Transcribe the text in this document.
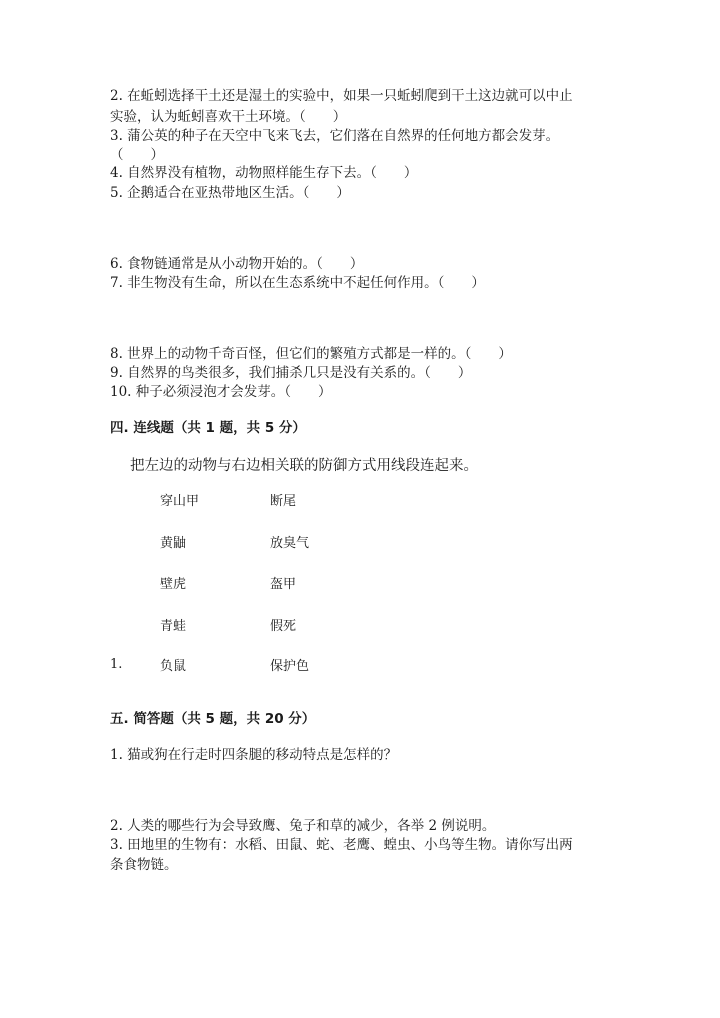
2. 在蚯蚓选择干土还是湿土的实验中，如果一只蚯蚓爬到干土这边就可以中止
实验，认为蚯蚓喜欢干土环境。（　　）
3. 蒲公英的种子在天空中飞来飞去，它们落在自然界的任何地方都会发芽。
（　　）
4. 自然界没有植物，动物照样能生存下去。（　　）
5. 企鹅适合在亚热带地区生活。（　　）
6. 食物链通常是从小动物开始的。（　　）
7. 非生物没有生命，所以在生态系统中不起任何作用。（　　）
8. 世界上的动物千奇百怪，但它们的繁殖方式都是一样的。（　　）
9. 自然界的鸟类很多，我们捕杀几只是没有关系的。（　　）
10. 种子必须浸泡才会发芽。（　　）
四. 连线题（共 1 题，共 5 分）
把左边的动物与右边相关联的防御方式用线段连起来。
穿山甲	断尾
黄鼬	放臭气
壁虎	盔甲
青蛙	假死
1.	负鼠	保护色
五. 简答题（共 5 题，共 20 分）
1. 猫或狗在行走时四条腿的移动特点是怎样的？
2. 人类的哪些行为会导致鹰、兔子和草的减少，各举 2 例说明。
3. 田地里的生物有：水稻、田鼠、蛇、老鹰、蝗虫、小鸟等生物。请你写出两
条食物链。
